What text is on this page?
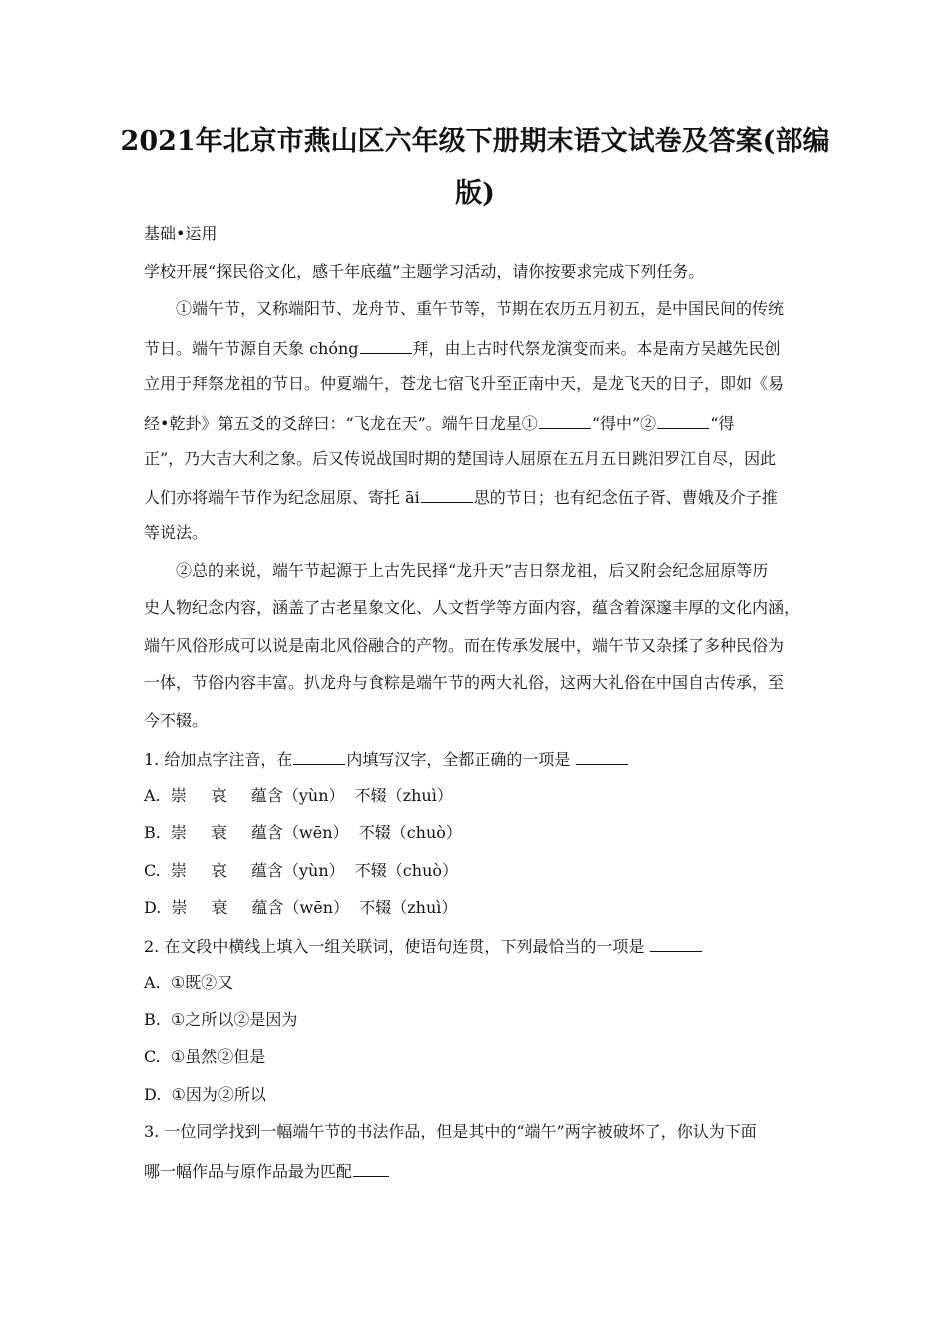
2021年北京市燕山区六年级下册期末语文试卷及答案(部编
版)
基础•运用
学校开展“探民俗文化，感千年底蕴”主题学习活动，请你按要求完成下列任务。
①端午节，又称端阳节、龙舟节、重午节等，节期在农历五月初五，是中国民间的传统
节日。端午节源自天象 chóng	拜，由上古时代祭龙演变而来。本是南方吴越先民创
立用于拜祭龙祖的节日。仲夏端午，苍龙七宿飞升至正南中天，是龙飞天的日子，即如《易
经•乾卦》第五爻的爻辞曰：“飞龙在天”。端午日龙星①	“得中”②	“得
正”，乃大吉大利之象。后又传说战国时期的楚国诗人屈原在五月五日跳汨罗江自尽，因此
人们亦将端午节作为纪念屈原、寄托 āi	思的节日；也有纪念伍子胥、曹娥及介子推
等说法。
②总的来说，端午节起源于上古先民择“龙升天”吉日祭龙祖，后又附会纪念屈原等历
史人物纪念内容，涵盖了古老星象文化、人文哲学等方面内容，蕴含着深邃丰厚的文化内涵，
端午风俗形成可以说是南北风俗融合的产物。而在传承发展中，端午节又杂揉了多种民俗为
一体，节俗内容丰富。扒龙舟与食粽是端午节的两大礼俗，这两大礼俗在中国自古传承，至
今不辍。
1. 给加点字注音，在	内填写汉字，全都正确的一项是
A. 崇 哀 蕴含（yùn） 不辍（zhuì）
B. 崇 衰 蕴含（wēn） 不辍（chuò）
C. 崇 哀 蕴含（yùn） 不辍（chuò）
D. 崇 衰 蕴含（wēn） 不辍（zhuì）
2. 在文段中横线上填入一组关联词，使语句连贯，下列最恰当的一项是
A. ①既②又
B. ①之所以②是因为
C. ①虽然②但是
D. ①因为②所以
3. 一位同学找到一幅端午节的书法作品，但是其中的“端午”两字被破坏了，你认为下面
哪一幅作品与原作品最为匹配
